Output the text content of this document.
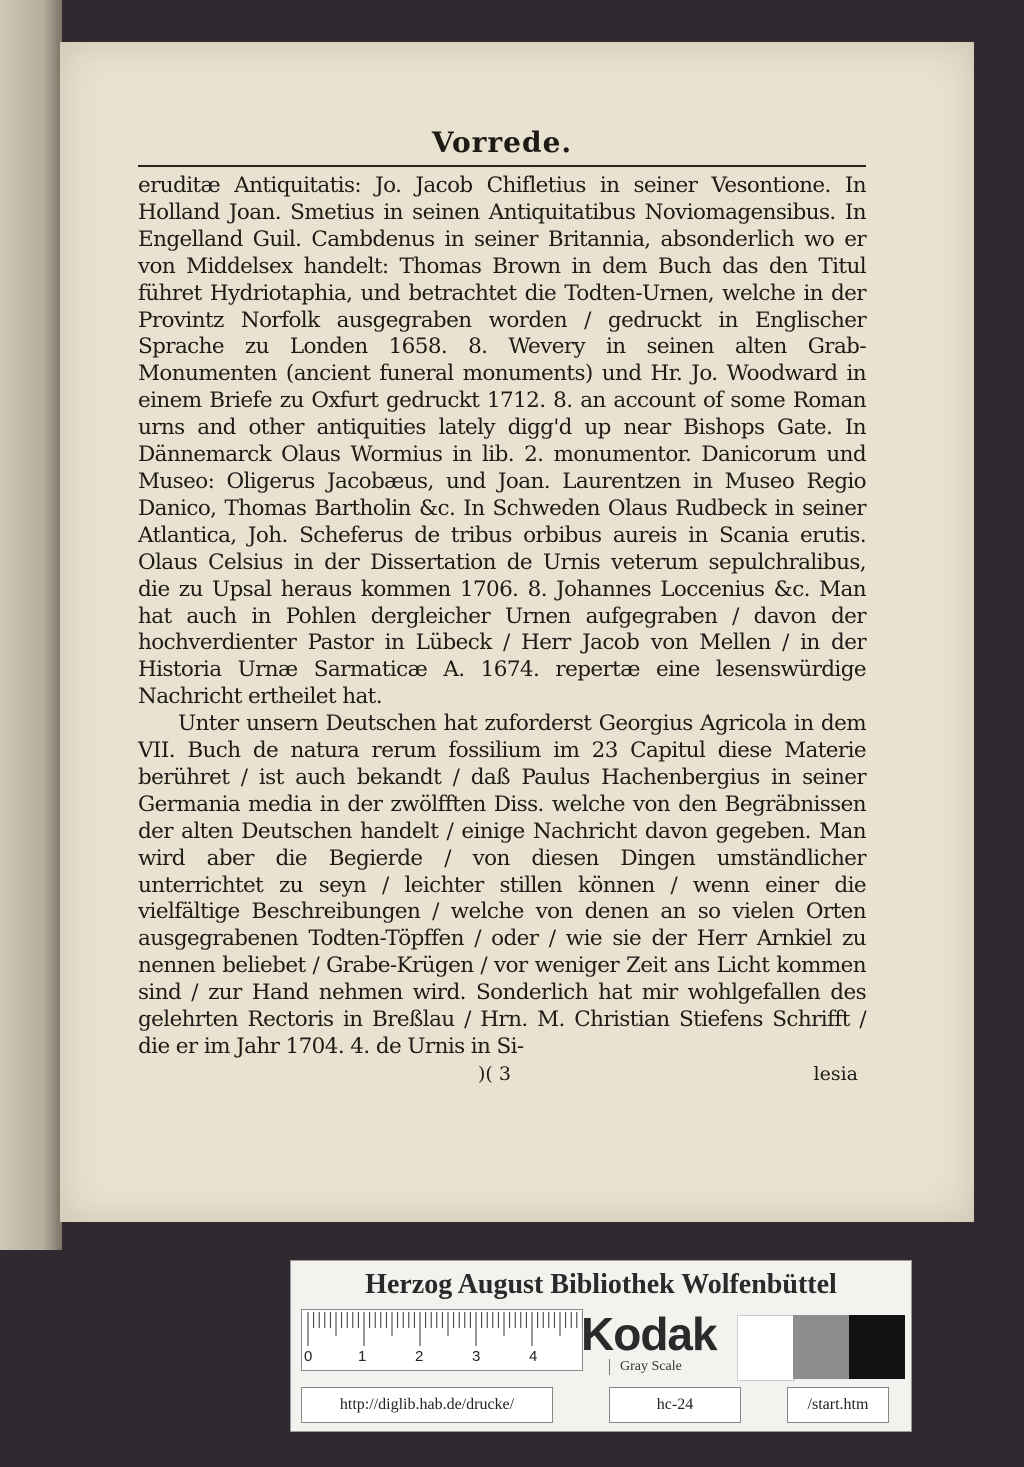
Vorrede.

eruditæ Antiquitatis: Jo. Jacob Chifletius in seiner Vesontione. In Holland Joan. Smetius in seinen Antiquitatibus Noviomagensibus. In Engelland Guil. Cambdenus in seiner Britannia, absonderlich wo er von Middelsex handelt: Thomas Brown in dem Buch das den Titul führet Hydriotaphia, und betrachtet die Todten-Urnen, welche in der Provintz Norfolk ausgegraben worden / gedruckt in Englischer Sprache zu Londen 1658. 8. Wevery in seinen alten Grab-Monumenten (ancient funeral monuments) und Hr. Jo. Woodward in einem Briefe zu Oxfurt gedruckt 1712. 8. an account of some Roman urns and other antiquities lately digg'd up near Bishops Gate. In Dännemarck Olaus Wormius in lib. 2. monumentor. Danicorum und Museo: Oligerus Jacobæus, und Joan. Laurentzen in Museo Regio Danico, Thomas Bartholin &c. In Schweden Olaus Rudbeck in seiner Atlantica, Joh. Scheferus de tribus orbibus aureis in Scania erutis. Olaus Celsius in der Dissertation de Urnis veterum sepulchralibus, die zu Upsal heraus kommen 1706. 8. Johannes Loccenius &c. Man hat auch in Pohlen dergleicher Urnen aufgegraben / davon der hochverdienter Pastor in Lübeck / Herr Jacob von Mellen / in der Historia Urnæ Sarmaticæ A. 1674. repertæ eine lesenswürdige Nachricht ertheilet hat.

Unter unsern Deutschen hat zuforderst Georgius Agricola in dem VII. Buch de natura rerum fossilium im 23 Capitul diese Materie berühret / ist auch bekandt / daß Paulus Hachenbergius in seiner Germania media in der zwölfften Diss. welche von den Begräbnissen der alten Deutschen handelt / einige Nachricht davon gegeben. Man wird aber die Begierde / von diesen Dingen umständlicher unterrichtet zu seyn / leichter stillen können / wenn einer die vielfältige Beschreibungen / welche von denen an so vielen Orten ausgegrabenen Todten-Töpffen / oder / wie sie der Herr Arnkiel zu nennen beliebet / Grabe-Krügen / vor weniger Zeit ans Licht kommen sind / zur Hand nehmen wird. Sonderlich hat mir wohlgefallen des gelehrten Rectoris in Breßlau / Hrn. M. Christian Stiefens Schrifft / die er im Jahr 1704. 4. de Urnis in Si-

)( 3	lesia
Herzog August Bibliothek Wolfenbüttel
0	1	2	3	4 Kodak
Gray Scale
http://diglib.hab.de/drucke/	hc-24	/start.htm
